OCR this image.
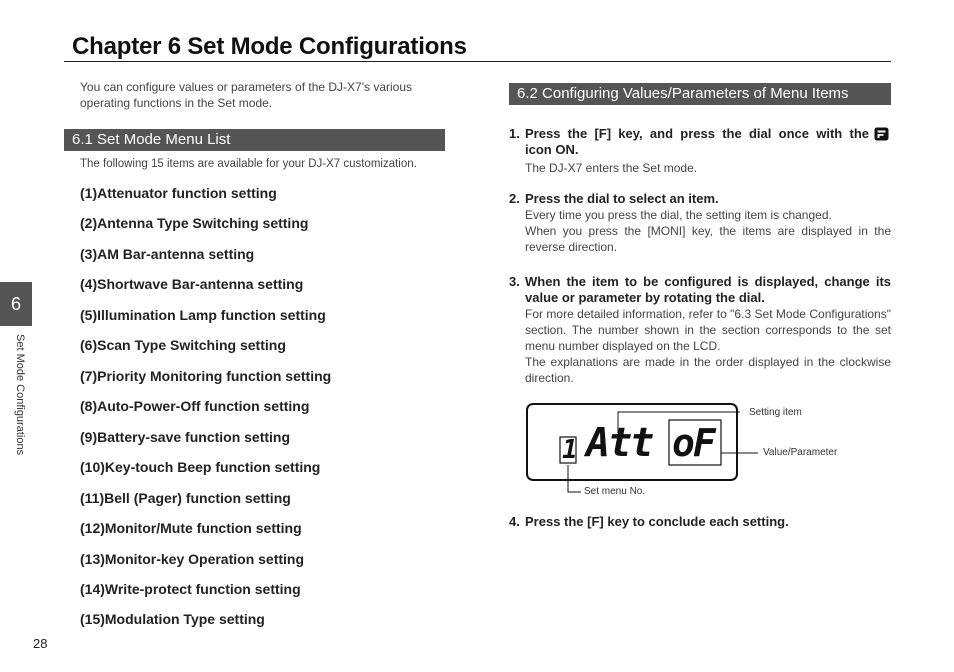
Chapter 6 Set Mode Configurations
6
Set Mode Configurations
28
You can configure values or parameters of the DJ-X7's various operating functions in the Set mode.
6.1 Set Mode Menu List
The following 15 items are available for your DJ-X7 customization.
(1)Attenuator function setting
(2)Antenna Type Switching setting
(3)AM Bar-antenna setting
(4)Shortwave Bar-antenna setting
(5)Illumination Lamp function setting
(6)Scan Type Switching setting
(7)Priority Monitoring function setting
(8)Auto-Power-Off function setting
(9)Battery-save function setting
(10)Key-touch Beep function setting
(11)Bell (Pager) function setting
(12)Monitor/Mute function setting
(13)Monitor-key Operation setting
(14)Write-protect function setting
(15)Modulation Type setting
6.2 Configuring Values/Parameters of Menu Items
1. Press the [F] key, and press the dial once with the
icon ON.
The DJ-X7 enters the Set mode.
2. Press the dial to select an item.
Every time you press the dial, the setting item is changed.
When you press the [MONI] key, the items are displayed in the reverse direction.
3. When the item to be configured is displayed, change its value or parameter by rotating the dial.
For more detailed information, refer to "6.3 Set Mode Configurations" section. The number shown in the section corresponds to the set menu number displayed on the LCD.
The explanations are made in the order displayed in the clockwise direction.
1 Att oF
Setting item
Value/Parameter
Set menu No.
4. Press the [F] key to conclude each setting.
